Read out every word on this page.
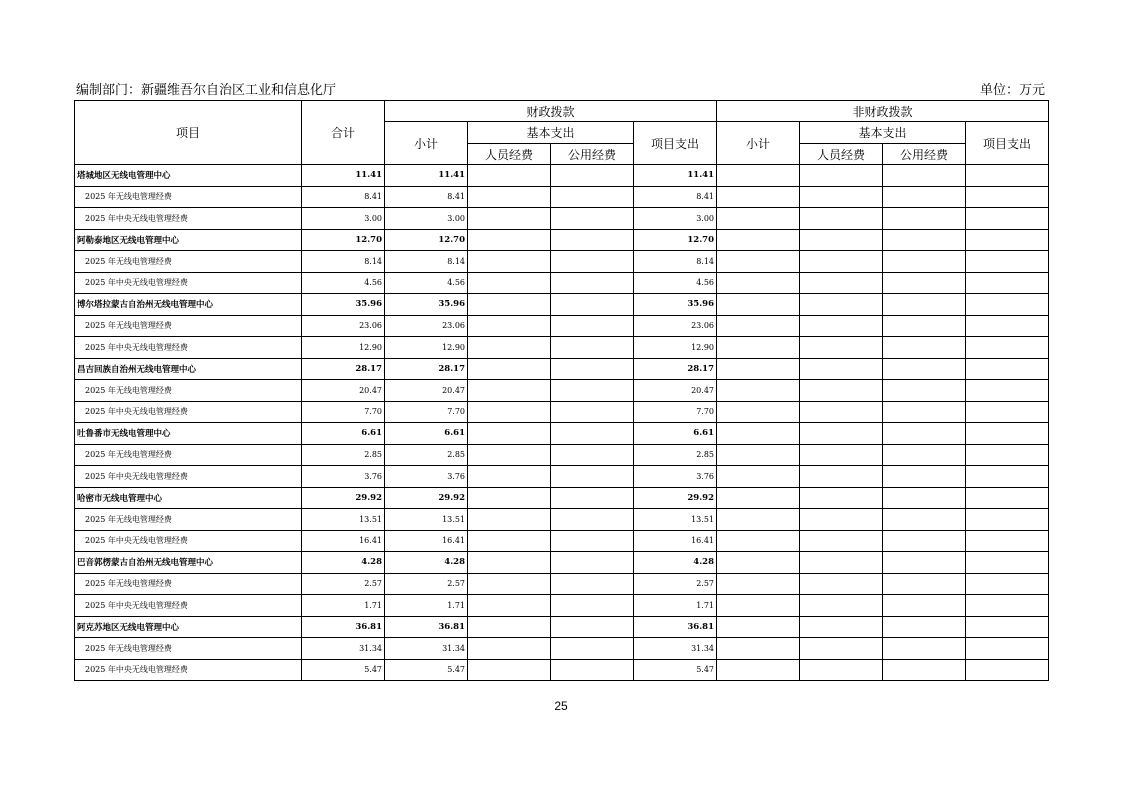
编制部门：新疆维吾尔自治区工业和信息化厅	单位：万元
项目	合计	财政拨款				非财政拨款			
		小计	基本支出		项目支出	小计	基本支出		项目支出
			人员经费	公用经费			人员经费	公用经费	
塔城地区无线电管理中心	11.41	11.41			11.41				
2025 年无线电管理经费	8.41	8.41			8.41				
2025 年中央无线电管理经费	3.00	3.00			3.00				
阿勒泰地区无线电管理中心	12.70	12.70			12.70				
2025 年无线电管理经费	8.14	8.14			8.14				
2025 年中央无线电管理经费	4.56	4.56			4.56				
博尔塔拉蒙古自治州无线电管理中心	35.96	35.96			35.96				
2025 年无线电管理经费	23.06	23.06			23.06				
2025 年中央无线电管理经费	12.90	12.90			12.90				
昌吉回族自治州无线电管理中心	28.17	28.17			28.17				
2025 年无线电管理经费	20.47	20.47			20.47				
2025 年中央无线电管理经费	7.70	7.70			7.70				
吐鲁番市无线电管理中心	6.61	6.61			6.61				
2025 年无线电管理经费	2.85	2.85			2.85				
2025 年中央无线电管理经费	3.76	3.76			3.76				
哈密市无线电管理中心	29.92	29.92			29.92				
2025 年无线电管理经费	13.51	13.51			13.51				
2025 年中央无线电管理经费	16.41	16.41			16.41				
巴音郭楞蒙古自治州无线电管理中心	4.28	4.28			4.28				
2025 年无线电管理经费	2.57	2.57			2.57				
2025 年中央无线电管理经费	1.71	1.71			1.71				
阿克苏地区无线电管理中心	36.81	36.81			36.81				
2025 年无线电管理经费	31.34	31.34			31.34				
2025 年中央无线电管理经费	5.47	5.47			5.47				
25
